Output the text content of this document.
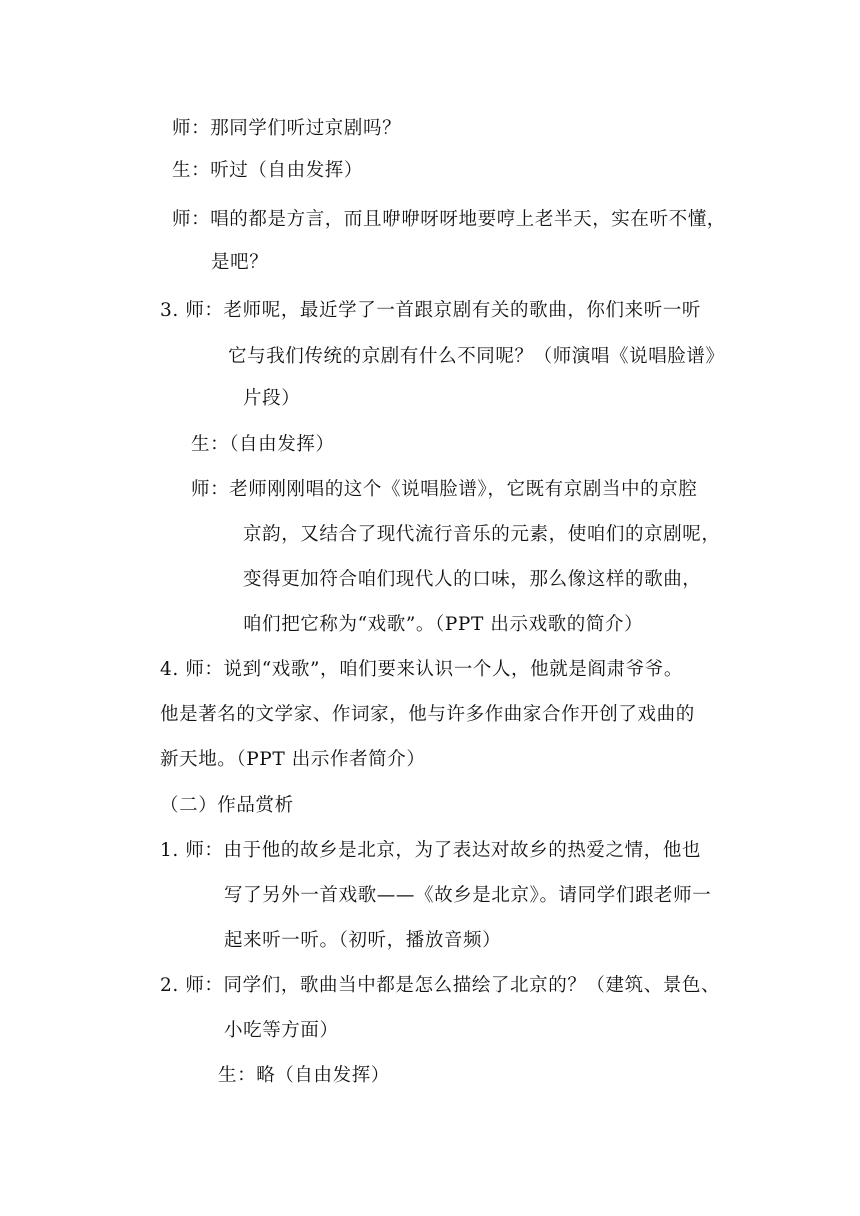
师：那同学们听过京剧吗？
生：听过（自由发挥）
师：唱的都是方言，而且咿咿呀呀地要哼上老半天，实在听不懂，
是吧？
3. 师：老师呢，最近学了一首跟京剧有关的歌曲，你们来听一听
它与我们传统的京剧有什么不同呢？（师演唱《说唱脸谱》
片段）
生：（自由发挥）
师：老师刚刚唱的这个《说唱脸谱》，它既有京剧当中的京腔
京韵，又结合了现代流行音乐的元素，使咱们的京剧呢，
变得更加符合咱们现代人的口味，那么像这样的歌曲，
咱们把它称为“戏歌”。（PPT 出示戏歌的简介）
4. 师：说到“戏歌”，咱们要来认识一个人，他就是阎肃爷爷。
他是著名的文学家、作词家，他与许多作曲家合作开创了戏曲的
新天地。（PPT 出示作者简介）
（二）作品赏析
1. 师：由于他的故乡是北京，为了表达对故乡的热爱之情，他也
写了另外一首戏歌——《故乡是北京》。请同学们跟老师一
起来听一听。（初听，播放音频）
2. 师：同学们，歌曲当中都是怎么描绘了北京的？（建筑、景色、
小吃等方面）
生：略（自由发挥）
